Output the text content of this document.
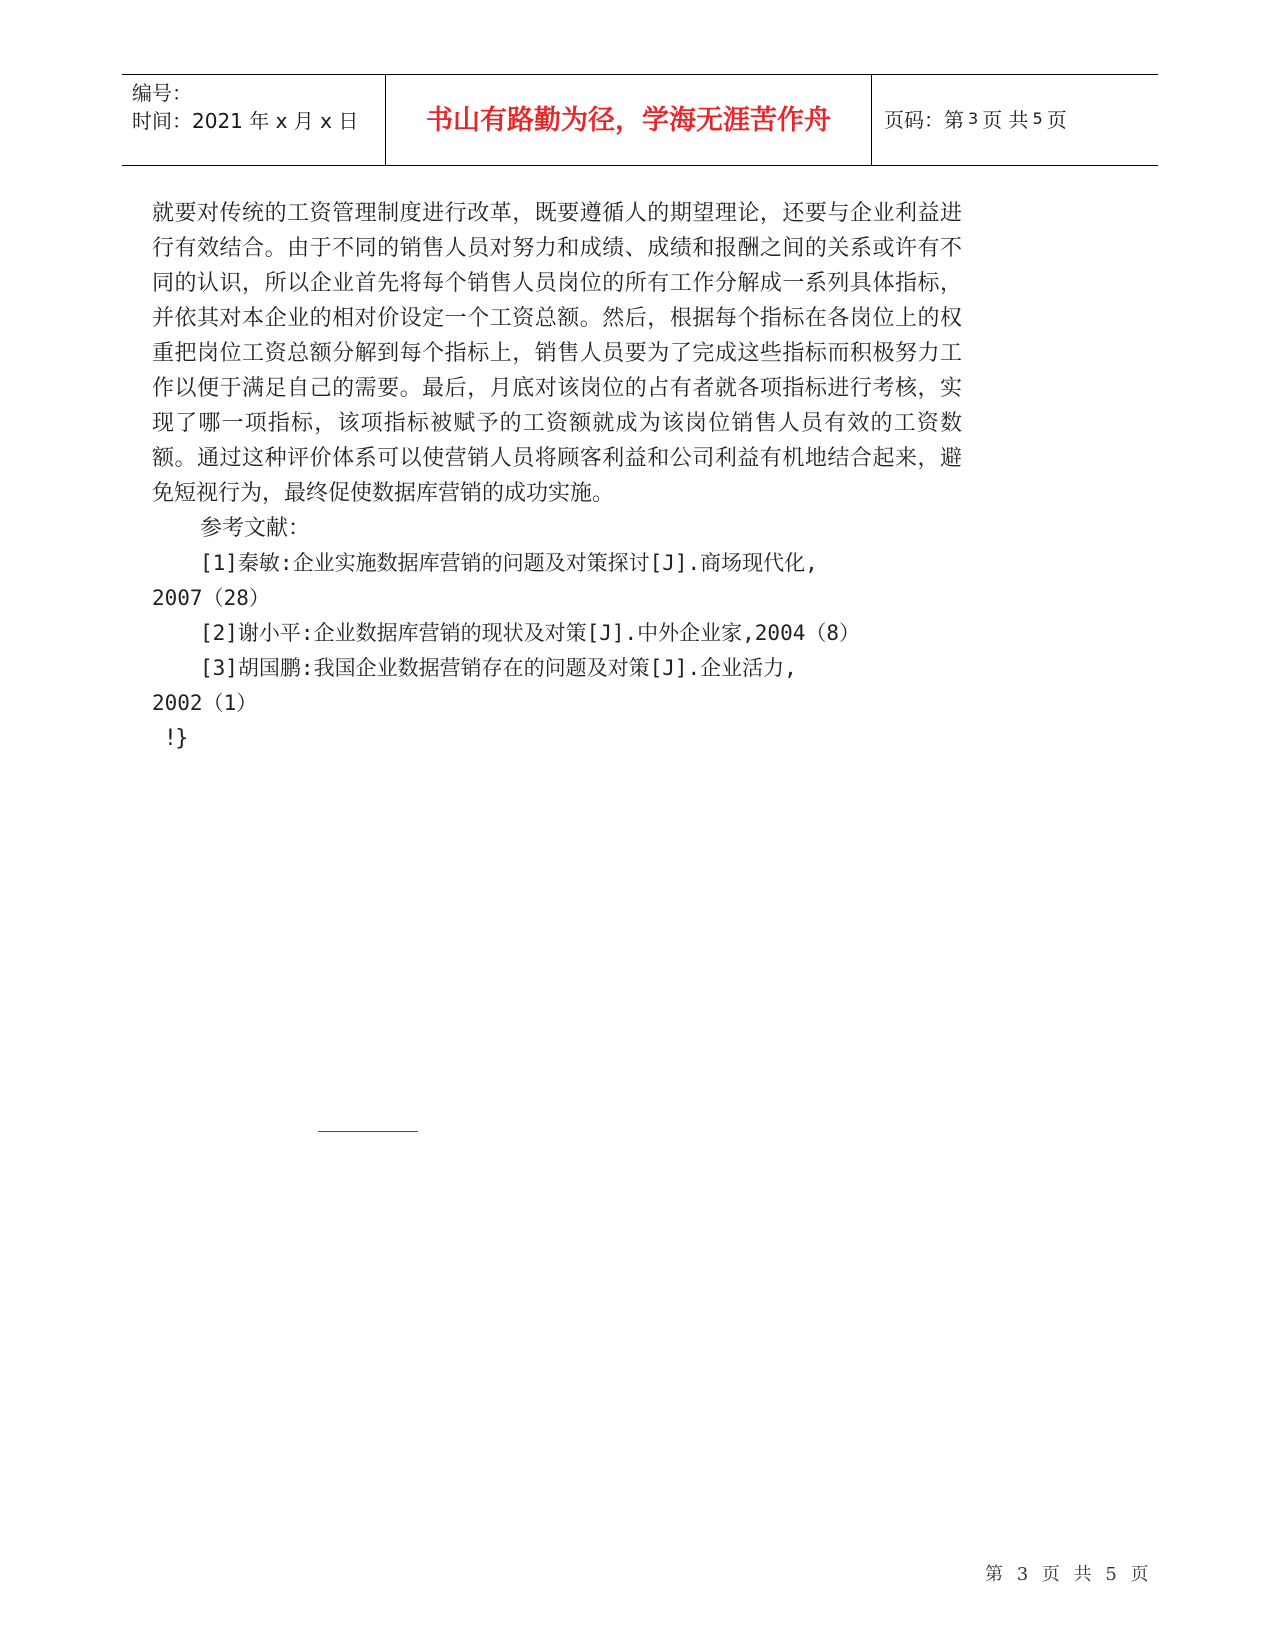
编号：
时间：2021 年 x 月 x 日	书山有路勤为径，学海无涯苦作舟	页码：第 3 页 共 5 页

就要对传统的工资管理制度进行改革，既要遵循人的期望理论，还要与企业利益进行有效结合。由于不同的销售人员对努力和成绩、成绩和报酬之间的关系或许有不同的认识，所以企业首先将每个销售人员岗位的所有工作分解成一系列具体指标，并依其对本企业的相对价设定一个工资总额。然后，根据每个指标在各岗位上的权重把岗位工资总额分解到每个指标上，销售人员要为了完成这些指标而积极努力工作以便于满足自己的需要。最后，月底对该岗位的占有者就各项指标进行考核，实现了哪一项指标，该项指标被赋予的工资额就成为该岗位销售人员有效的工资数额。通过这种评价体系可以使营销人员将顾客利益和公司利益有机地结合起来，避免短视行为，最终促使数据库营销的成功实施。

参考文献：

[1]秦敏:企业实施数据库营销的问题及对策探讨[J].商场现代化,
2007（28）

[2]谢小平:企业数据库营销的现状及对策[J].中外企业家,2004（8）

[3]胡国鹏:我国企业数据营销存在的问题及对策[J].企业活力,
2002（1）

!}

第 3 页 共 5 页
